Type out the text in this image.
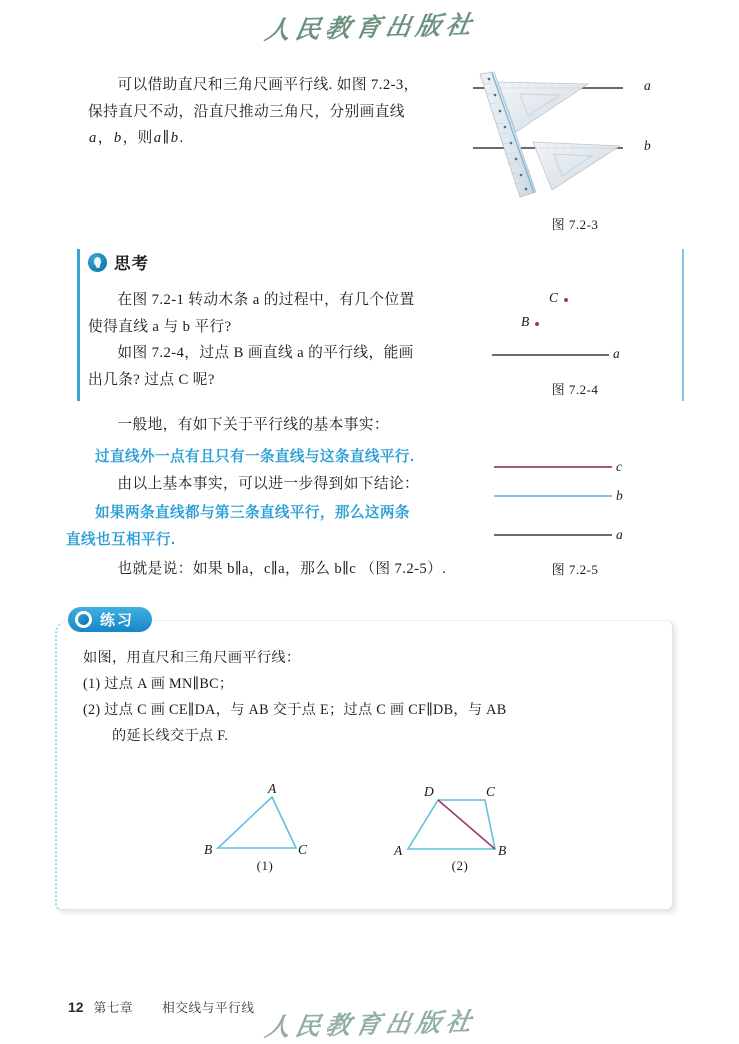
人民教育出版社
可以借助直尺和三角尺画平行线. 如图 7.2-3，
保持直尺不动，沿直尺推动三角尺，分别画直线
a，b，则a∥b.
a
b
图 7.2-3
思考
在图 7.2-1 转动木条 a 的过程中，有几个位置
使得直线 a 与 b 平行?
如图 7.2-4，过点 B 画直线 a 的平行线，能画
出几条? 过点 C 呢?
C
B
a
图 7.2-4
一般地，有如下关于平行线的基本事实：
过直线外一点有且只有一条直线与这条直线平行.
由以上基本事实，可以进一步得到如下结论：
如果两条直线都与第三条直线平行，那么这两条
直线也互相平行.
也就是说：如果 b∥a，c∥a，那么 b∥c （图 7.2-5）.
c
b
a
图 7.2-5
练习
如图，用直尺和三角尺画平行线：
(1) 过点 A 画 MN∥BC；
(2) 过点 C 画 CE∥DA，与 AB 交于点 E；过点 C 画 CF∥DB，与 AB
的延长线交于点 F.
A
B	C
(1)
D	C
A	B
(2)
12 第七章 相交线与平行线
人民教育出版社
